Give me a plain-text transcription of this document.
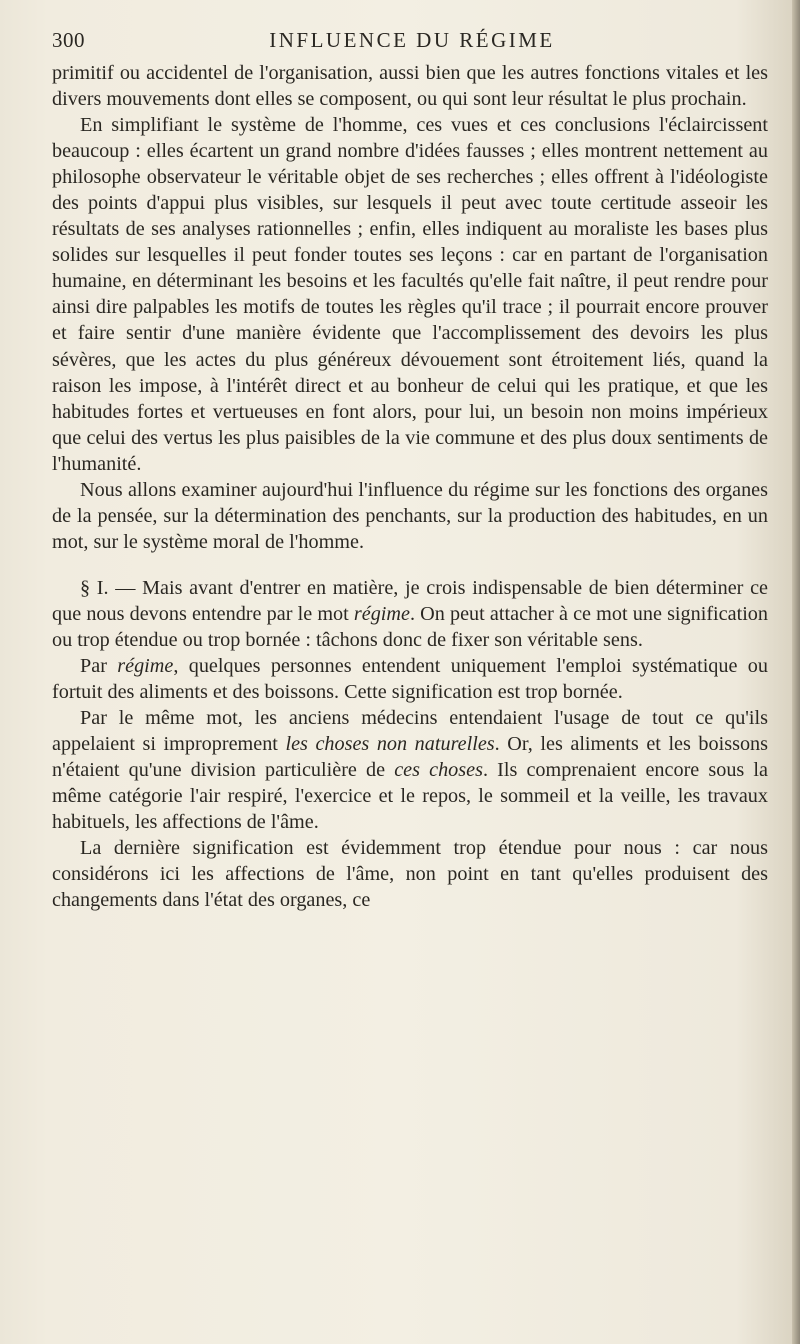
300	INFLUENCE DU RÉGIME

primitif ou accidentel de l'organisation, aussi bien que les autres fonctions vitales et les divers mouvements dont elles se composent, ou qui sont leur résultat le plus prochain.

En simplifiant le système de l'homme, ces vues et ces conclusions l'éclaircissent beaucoup : elles écartent un grand nombre d'idées fausses ; elles montrent nettement au philosophe observateur le véritable objet de ses recherches ; elles offrent à l'idéologiste des points d'appui plus visibles, sur lesquels il peut avec toute certitude asseoir les résultats de ses analyses rationnelles ; enfin, elles indiquent au moraliste les bases plus solides sur lesquelles il peut fonder toutes ses leçons : car en partant de l'organisation humaine, en déterminant les besoins et les facultés qu'elle fait naître, il peut rendre pour ainsi dire palpables les motifs de toutes les règles qu'il trace ; il pourrait encore prouver et faire sentir d'une manière évidente que l'accomplissement des devoirs les plus sévères, que les actes du plus généreux dévouement sont étroitement liés, quand la raison les impose, à l'intérêt direct et au bonheur de celui qui les pratique, et que les habitudes fortes et vertueuses en font alors, pour lui, un besoin non moins impérieux que celui des vertus les plus paisibles de la vie commune et des plus doux sentiments de l'humanité.

Nous allons examiner aujourd'hui l'influence du régime sur les fonctions des organes de la pensée, sur la détermination des penchants, sur la production des habitudes, en un mot, sur le système moral de l'homme.

§ I. — Mais avant d'entrer en matière, je crois indispensable de bien déterminer ce que nous devons entendre par le mot régime. On peut attacher à ce mot une signification ou trop étendue ou trop bornée : tâchons donc de fixer son véritable sens.

Par régime, quelques personnes entendent uniquement l'emploi systématique ou fortuit des aliments et des boissons. Cette signification est trop bornée.

Par le même mot, les anciens médecins entendaient l'usage de tout ce qu'ils appelaient si improprement les choses non naturelles. Or, les aliments et les boissons n'étaient qu'une division particulière de ces choses. Ils comprenaient encore sous la même catégorie l'air respiré, l'exercice et le repos, le sommeil et la veille, les travaux habituels, les affections de l'âme.

La dernière signification est évidemment trop étendue pour nous : car nous considérons ici les affections de l'âme, non point en tant qu'elles produisent des changements dans l'état des organes, ce
